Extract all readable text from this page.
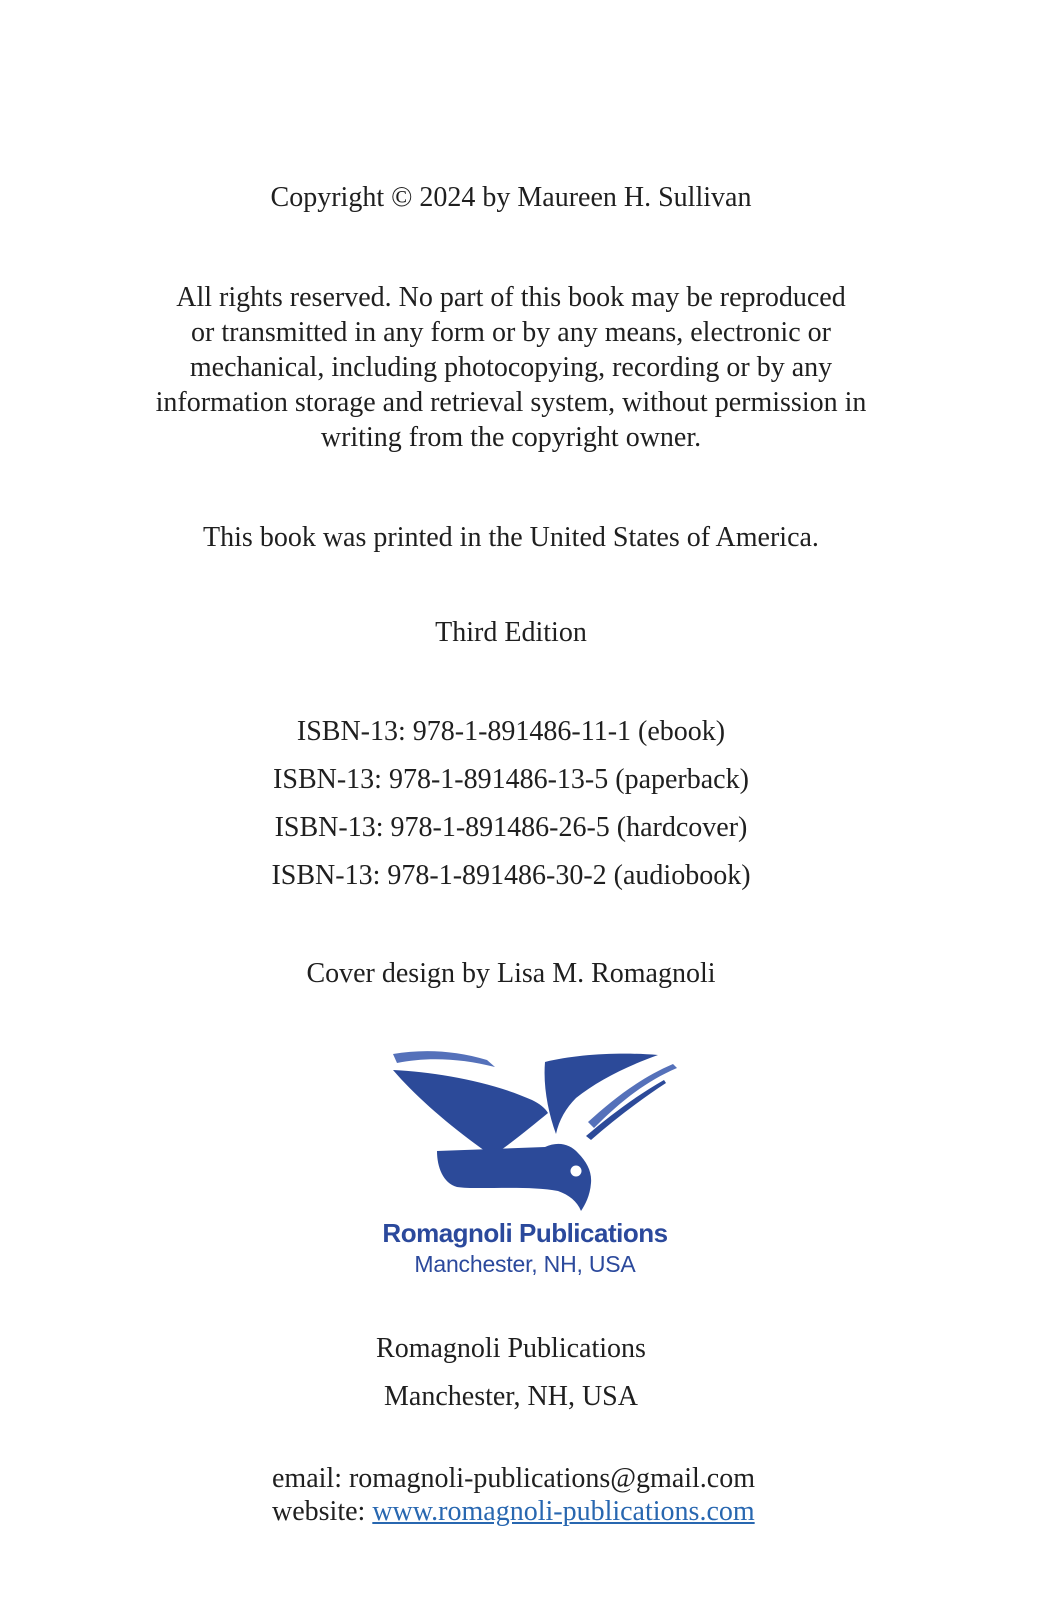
Copyright © 2024 by Maureen H. Sullivan
All rights reserved. No part of this book may be reproduced
or transmitted in any form or by any means, electronic or
mechanical, including photocopying, recording or by any
information storage and retrieval system, without permission in
writing from the copyright owner.
This book was printed in the United States of America.
Third Edition
ISBN-13: 978-1-891486-11-1 (ebook)
ISBN-13: 978-1-891486-13-5 (paperback)
ISBN-13: 978-1-891486-26-5 (hardcover)
ISBN-13: 978-1-891486-30-2 (audiobook)
Cover design by Lisa M. Romagnoli
Romagnoli Publications
Manchester, NH, USA
Romagnoli Publications
Manchester, NH, USA
email: romagnoli-publications@gmail.com
website: www.romagnoli-publications.com
